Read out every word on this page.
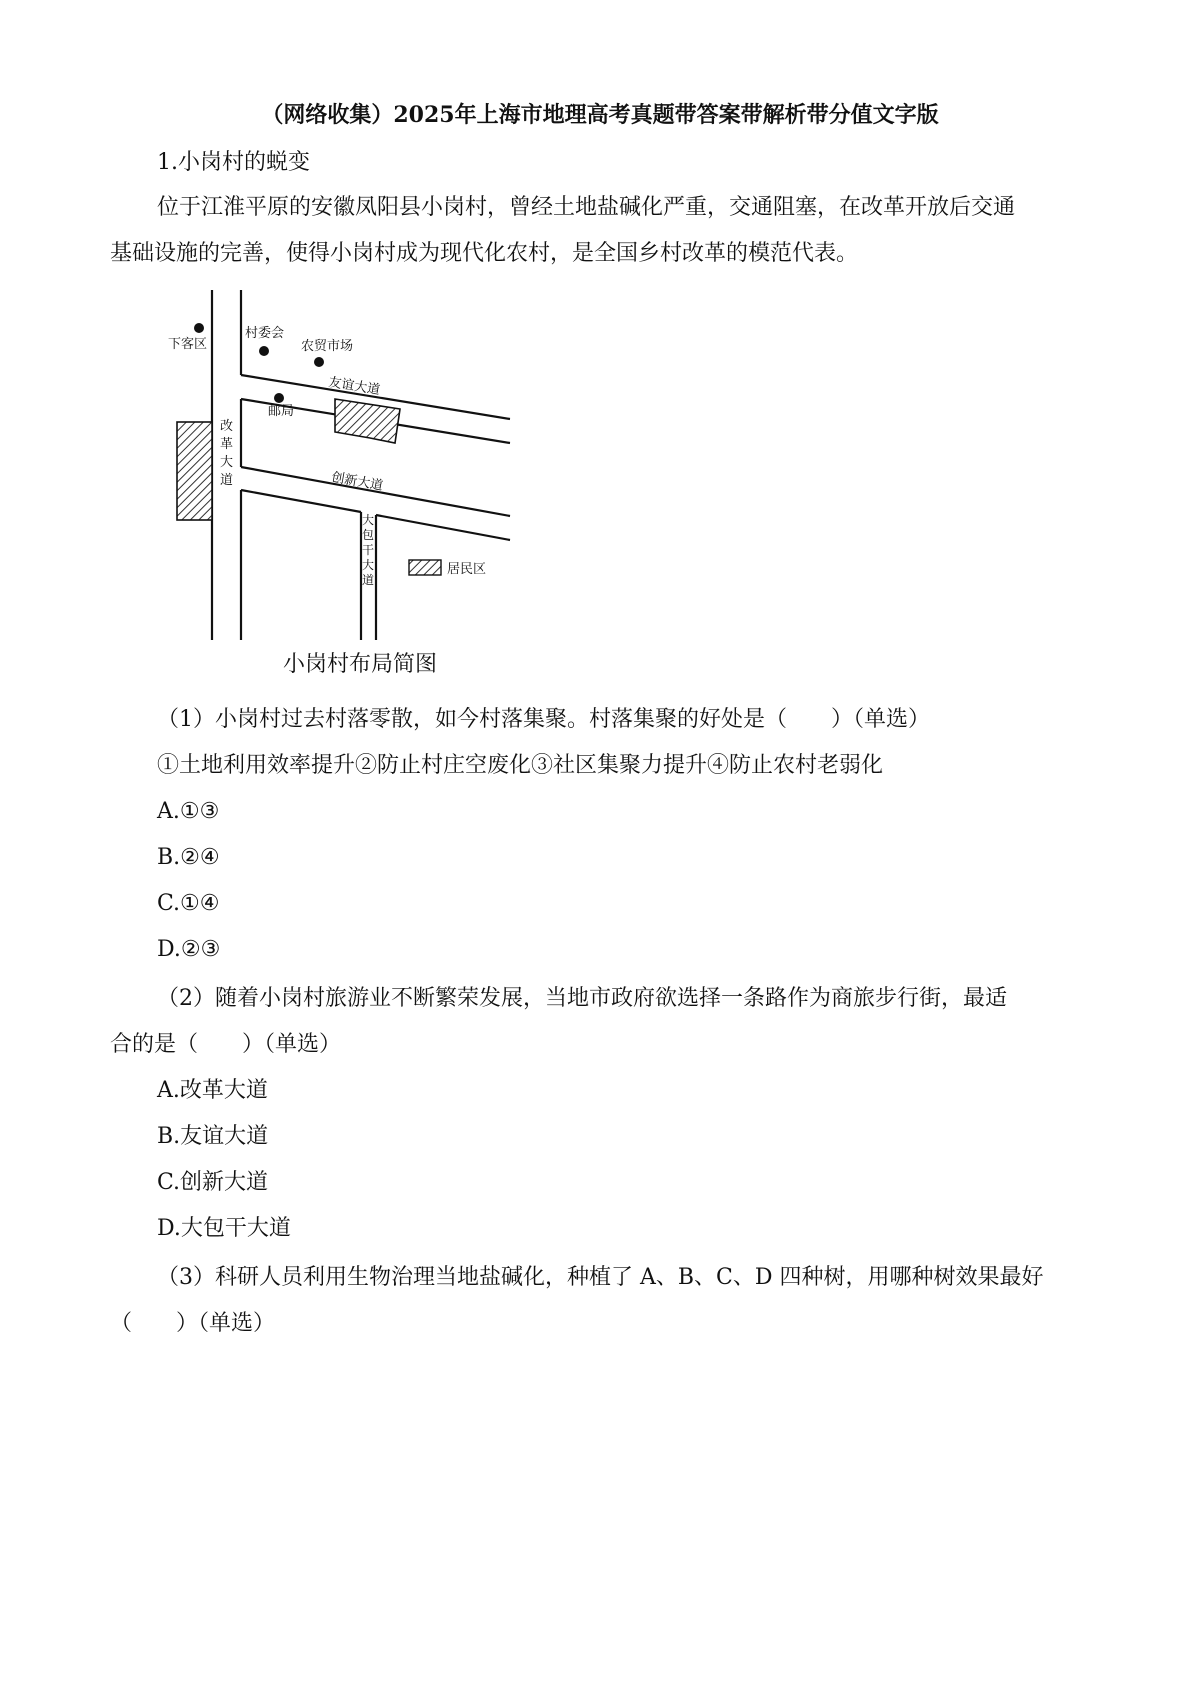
（网络收集）2025年上海市地理高考真题带答案带解析带分值文字版
1.小岗村的蜕变
位于江淮平原的安徽凤阳县小岗村，曾经土地盐碱化严重，交通阻塞，在改革开放后交通
基础设施的完善，使得小岗村成为现代化农村，是全国乡村改革的模范代表。
下客区
村委会
农贸市场
邮局
友谊大道
创新大道
改
革
大
道
大
包
干
大
道
居民区
小岗村布局简图
（1）小岗村过去村落零散，如今村落集聚。村落集聚的好处是（　　）（单选）
①土地利用效率提升②防止村庄空废化③社区集聚力提升④防止农村老弱化
A.①③
B.②④
C.①④
D.②③
（2）随着小岗村旅游业不断繁荣发展，当地市政府欲选择一条路作为商旅步行街，最适
合的是（　　）（单选）
A.改革大道
B.友谊大道
C.创新大道
D.大包干大道
（3）科研人员利用生物治理当地盐碱化，种植了 A、B、C、D 四种树，用哪种树效果最好
（　　）（单选）
